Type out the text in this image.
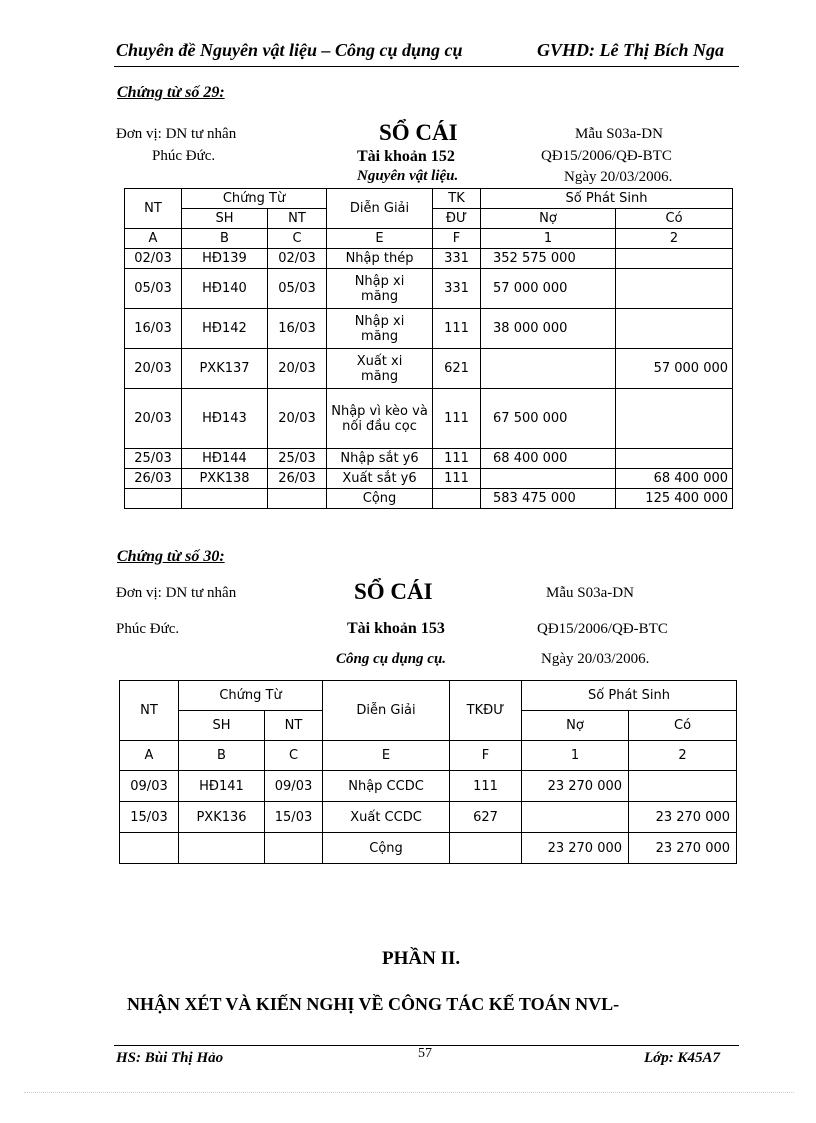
Chuyên đề Nguyên vật liệu – Công cụ dụng cụ	GVHD: Lê Thị Bích Nga
Chứng từ số 29:
Đơn vị: DN tư nhân
Phúc Đức.
SỔ CÁI
Tài khoản 152
Nguyên vật liệu.
Mẫu S03a-DN
QĐ15/2006/QĐ-BTC
Ngày 20/03/2006.
NT	Chứng Từ		Diễn Giải	TK	Số Phát Sinh	
	SH	NT		ĐƯ	Nợ	Có
A	B	C	E	F	1	2
02/03	HĐ139	02/03	Nhập thép	331	352 575 000	
05/03	HĐ140	05/03	Nhập xi măng	331	57 000 000	
16/03	HĐ142	16/03	Nhập xi măng	111	38 000 000	
20/03	PXK137	20/03	Xuất xi măng	621		57 000 000
20/03	HĐ143	20/03	Nhập vì kèo và nối đầu cọc	111	67 500 000	
25/03	HĐ144	25/03	Nhập sắt y6	111	68 400 000	
26/03	PXK138	26/03	Xuất sắt y6	111		68 400 000
			Cộng		583 475 000	125 400 000
Chứng từ số 30:
Đơn vị: DN tư nhân
Phúc Đức.
SỔ CÁI
Tài khoản 153
Công cụ dụng cụ.
Mẫu S03a-DN
QĐ15/2006/QĐ-BTC
Ngày 20/03/2006.
NT	Chứng Từ		Diễn Giải	TKĐƯ	Số Phát Sinh	
	SH	NT			Nợ	Có
A	B	C	E	F	1	2
09/03	HĐ141	09/03	Nhập CCDC	111	23 270 000	
15/03	PXK136	15/03	Xuất CCDC	627		23 270 000
			Cộng		23 270 000	23 270 000
PHẦN II.
NHẬN XÉT VÀ KIẾN NGHỊ VỀ CÔNG TÁC KẾ TOÁN NVL-
HS: Bùi Thị Hảo	57	Lớp: K45A7
